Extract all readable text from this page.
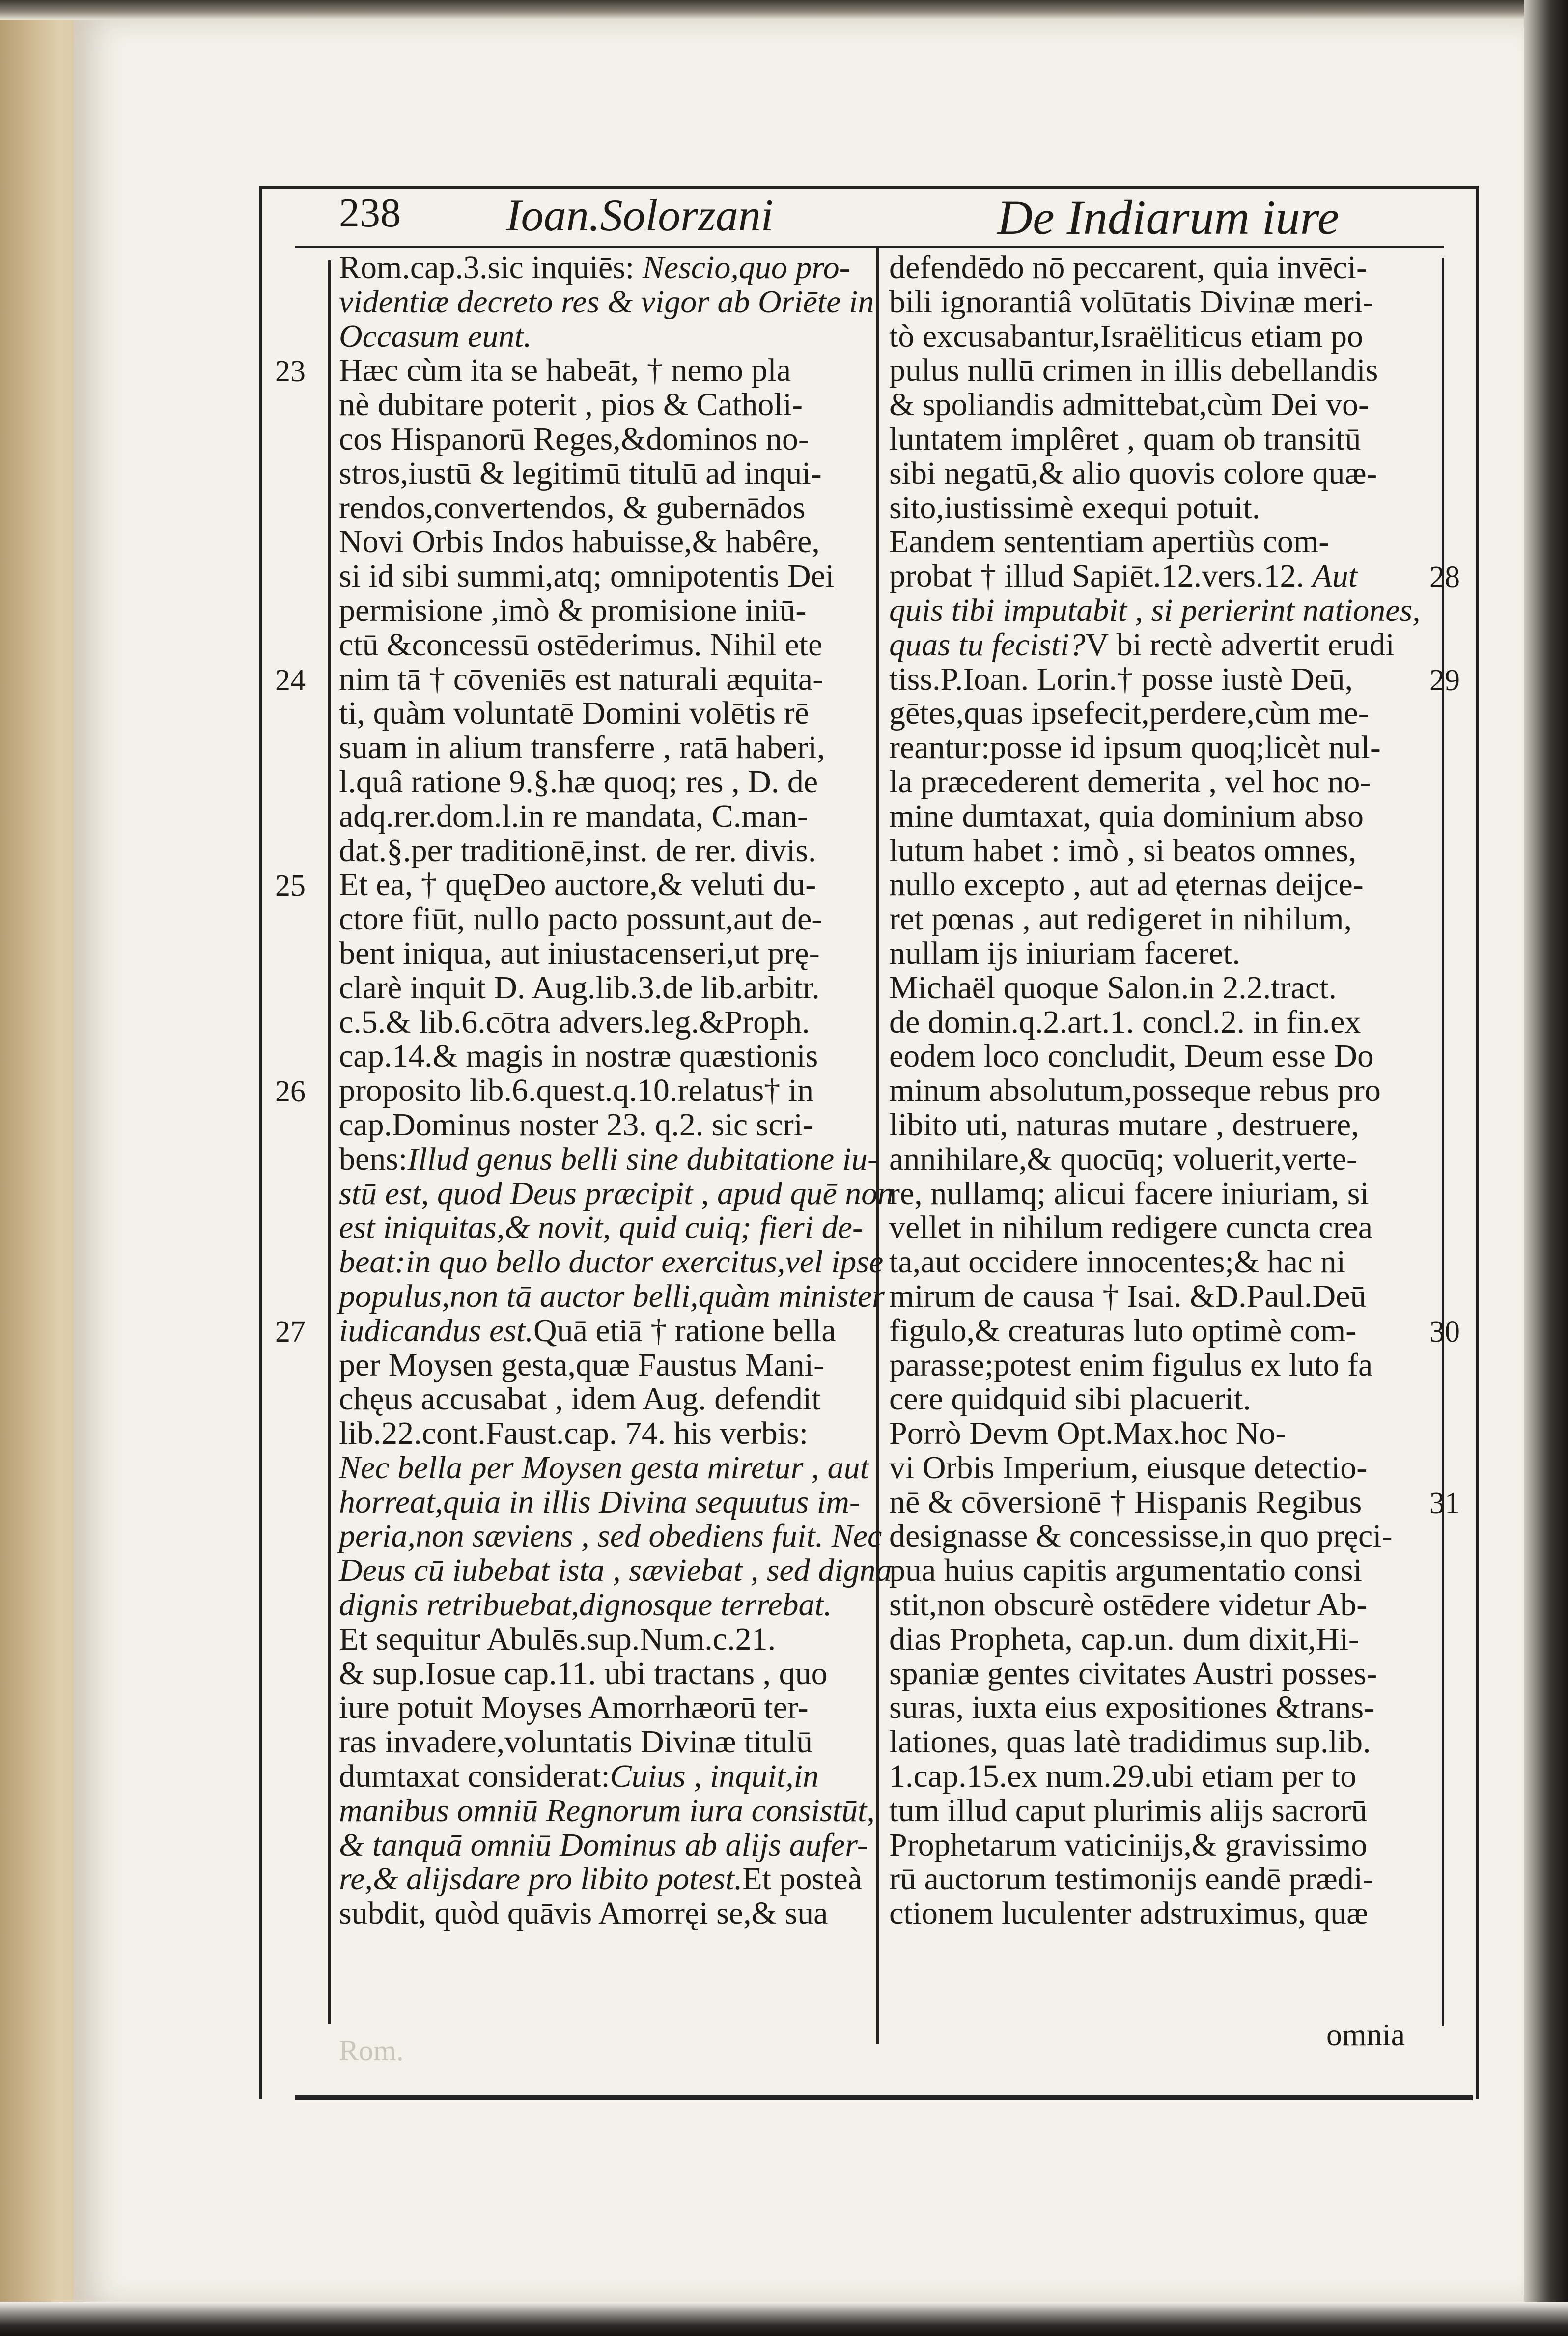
238 Ioan.Solorzani	De Indiarum iure
Rom.cap.3.sic inquiēs: Nescio,quo pro-
videntiæ decreto res & vigor ab Oriēte in
Occasum eunt.
Hæc cùm ita se habeāt, † nemo pla
nè dubitare poterit , pios & Catholi-
cos Hispanorū Reges,&dominos no-
stros,iustū & legitimū titulū ad inqui-
rendos,convertendos, & gubernādos
Novi Orbis Indos habuisse,& habêre,
si id sibi summi,atq; omnipotentis Dei
permisione ,imò & promisione iniū-
ctū &concessū ostēderimus. Nihil ete
nim tā † cōveniēs est naturali æquita-
ti, quàm voluntatē Domini volētis rē
suam in alium transferre , ratā haberi,
l.quâ ratione 9.§.hæ quoq; res , D. de
adq.rer.dom.l.in re mandata, C.man-
dat.§.per traditionē,inst. de rer. divis.
Et ea, † quęDeo auctore,& veluti du-
ctore fiūt, nullo pacto possunt,aut de-
bent iniqua, aut iniustacenseri,ut prę-
clarè inquit D. Aug.lib.3.de lib.arbitr.
c.5.& lib.6.cōtra advers.leg.&Proph.
cap.14.& magis in nostræ quæstionis
proposito lib.6.quest.q.10.relatus† in
cap.Dominus noster 23. q.2. sic scri-
bens:Illud genus belli sine dubitatione iu-
stū est, quod Deus præcipit , apud quē non
est iniquitas,& novit, quid cuiq; fieri de-
beat:in quo bello ductor exercitus,vel ipse
populus,non tā auctor belli,quàm minister
iudicandus est.Quā etiā † ratione bella
per Moysen gesta,quæ Faustus Mani-
chęus accusabat , idem Aug. defendit
lib.22.cont.Faust.cap. 74. his verbis:
Nec bella per Moysen gesta miretur , aut
horreat,quia in illis Divina sequutus im-
peria,non sæviens , sed obediens fuit. Nec
Deus cū iubebat ista , sæviebat , sed digna
dignis retribuebat,dignosque terrebat.
Et sequitur Abulēs.sup.Num.c.21.
& sup.Iosue cap.11. ubi tractans , quo
iure potuit Moyses Amorrhæorū ter-
ras invadere,voluntatis Divinæ titulū
dumtaxat considerat:Cuius , inquit,in
manibus omniū Regnorum iura consistūt,
& tanquā omniū Dominus ab alijs aufer-
re,& alijsdare pro libito potest.Et posteà
subdit, quòd quāvis Amorręi se,& sua
defendēdo nō peccarent, quia invēci-
bili ignorantiâ volūtatis Divinæ meri-
tò excusabantur,Israëliticus etiam po
pulus nullū crimen in illis debellandis
& spoliandis admittebat,cùm Dei vo-
luntatem implêret , quam ob transitū
sibi negatū,& alio quovis colore quæ-
sito,iustissimè exequi potuit.
Eandem sententiam apertiùs com-
probat † illud Sapiēt.12.vers.12. Aut
quis tibi imputabit , si perierint nationes,
quas tu fecisti?V bi rectè advertit erudi
tiss.P.Ioan. Lorin.† posse iustè Deū,
gētes,quas ipsefecit,perdere,cùm me-
reantur:posse id ipsum quoq;licèt nul-
la præcederent demerita , vel hoc no-
mine dumtaxat, quia dominium abso
lutum habet : imò , si beatos omnes,
nullo excepto , aut ad ęternas deijce-
ret pœnas , aut redigeret in nihilum,
nullam ijs iniuriam faceret.
Michaël quoque Salon.in 2.2.tract.
de domin.q.2.art.1. concl.2. in fin.ex
eodem loco concludit, Deum esse Do
minum absolutum,posseque rebus pro
libito uti, naturas mutare , destruere,
annihilare,& quocūq; voluerit,verte-
re, nullamq; alicui facere iniuriam, si
vellet in nihilum redigere cuncta crea
ta,aut occidere innocentes;& hac ni
mirum de causa † Isai. &D.Paul.Deū
figulo,& creaturas luto optimè com-
parasse;potest enim figulus ex luto fa
cere quidquid sibi placuerit.
Porrò Devm Opt.Max.hoc No-
vi Orbis Imperium, eiusque detectio-
nē & cōversionē † Hispanis Regibus
designasse & concessisse,in quo pręci-
pua huius capitis argumentatio consi
stit,non obscurè ostēdere videtur Ab-
dias Propheta, cap.un. dum dixit,Hi-
spaniæ gentes civitates Austri posses-
suras, iuxta eius expositiones &trans-
lationes, quas latè tradidimus sup.lib.
1.cap.15.ex num.29.ubi etiam per to
tum illud caput plurimis alijs sacrorū
Prophetarum vaticinijs,& gravissimo
rū auctorum testimonijs eandē prædi-
ctionem luculenter adstruximus, quæ
23
24
25
26
27
28
29
30
31
Rom.	omnia
